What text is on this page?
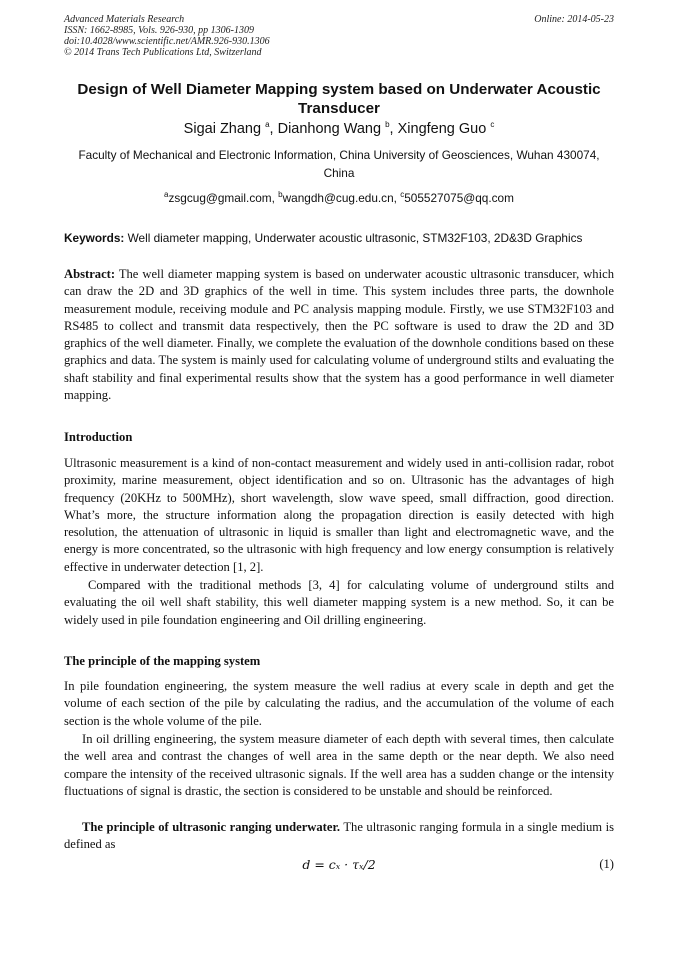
Advanced Materials Research
ISSN: 1662-8985, Vols. 926-930, pp 1306-1309
doi:10.4028/www.scientific.net/AMR.926-930.1306
© 2014 Trans Tech Publications Ltd, Switzerland
Online: 2014-05-23
Design of Well Diameter Mapping system based on Underwater Acoustic Transducer
Sigai Zhang $^a$, Dianhong Wang $^b$, Xingfeng Guo $^c$
Faculty of Mechanical and Electronic Information, China University of Geosciences, Wuhan 430074, China
$^a$zsgcug@gmail.com, $^b$wangdh@cug.edu.cn, $^c$505527075@qq.com
Keywords: Well diameter mapping, Underwater acoustic ultrasonic, STM32F103, 2D&3D Graphics

Abstract: The well diameter mapping system is based on underwater acoustic ultrasonic transducer, which can draw the 2D and 3D graphics of the well in time. This system includes three parts, the downhole measurement module, receiving module and PC analysis mapping module. Firstly, we use STM32F103 and RS485 to collect and transmit data respectively, then the PC software is used to draw the 2D and 3D graphics of the well diameter. Finally, we complete the evaluation of the downhole conditions based on these graphics and data. The system is mainly used for calculating volume of underground stilts and evaluating the shaft stability and final experimental results show that the system has a good performance in well diameter mapping.

Introduction

Ultrasonic measurement is a kind of non-contact measurement and widely used in anti-collision radar, robot proximity, marine measurement, object identification and so on. Ultrasonic has the advantages of high frequency (20KHz to 500MHz), short wavelength, slow wave speed, small diffraction, good direction. What’s more, the structure information along the propagation direction is easily detected with high resolution, the attenuation of ultrasonic in liquid is smaller than light and electromagnetic wave, and the energy is more concentrated, so the ultrasonic with high frequency and low energy consumption is relatively effective in underwater detection [1, 2].

Compared with the traditional methods [3, 4] for calculating volume of underground stilts and evaluating the oil well shaft stability, this well diameter mapping system is a new method. So, it can be widely used in pile foundation engineering and Oil drilling engineering.

The principle of the mapping system

In pile foundation engineering, the system measure the well radius at every scale in depth and get the volume of each section of the pile by calculating the radius, and the accumulation of the volume of each section is the whole volume of the pile.

In oil drilling engineering, the system measure diameter of each depth with several times, then calculate the well area and contrast the changes of well area in the same depth or the near depth. We also need compare the intensity of the received ultrasonic signals. If the well area has a sudden change or the intensity fluctuations of signal is drastic, the section is considered to be unstable and should be reinforced.

The principle of ultrasonic ranging underwater. The ultrasonic ranging formula in a single medium is defined as

d = cₓ · τₓ/2	(1)
